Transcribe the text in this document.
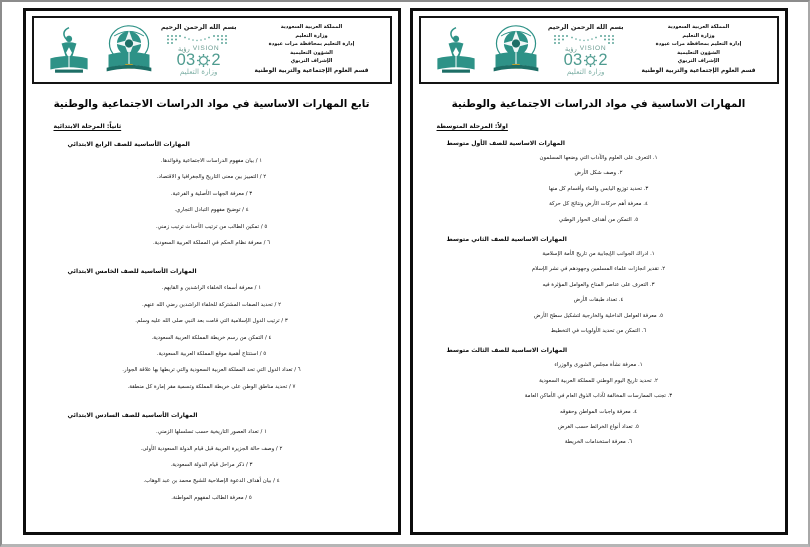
المملكة العربية السعودية
وزارة التعليم
إدارة التعليم بمحافظة مرات عيودة
الشؤون التعليمية
الإشراف التربوي
قسم العلوم الإجتماعية والتربية الوطنية
بسم الله الرحمن الرحيم
VISION
رؤية
2
3
0
وزارة التعليم
تابع المهارات الاساسية في مواد الدراسات الاجتماعية والوطنية
ثانياً: المرحلة الابتدائية
المهارات الأساسية للصف الرابع الابتدائي
١ / بيان مفهوم الدراسات الاجتماعية وفوائدها.
٢ / التمييز بين معنى التاريخ والجغرافيا و الاقتصاد.
٣ / معرفة الجهات الأصلية و الفرعية.
٤ / توضيح مفهوم التبادل التجاري.
٥ / تمكين الطالب من ترتيب الأحداث ترتيب زمني.
٦ / معرفة نظام الحكم في المملكة العربية السعودية.
المهارات الأساسية للصف الخامس الابتدائي
١ / معرفة أسماء الخلفاء الراشدين و القابهم.
٢ / تحديد الصفات المشتركة للخلفاء الراشدين رضي الله عنهم.
٣ / ترتيب الدول الإسلامية التي قامت بعد النبي صلى الله عليه وسلم.
٤ / التمكن من رسم خريطة المملكة العربية السعودية.
٥ / استنتاج أهمية موقع المملكة العربية السعودية.
٦ / تعداد الدول التي تحد المملكة العربية السعودية والتي تربطها بها علاقة الجوار.
٧ / تحديد مناطق الوطن على خريطة المملكة وتسمية مقر إمارة كل منطقة.
المهارات الأساسية للصف السادس الابتدائي
١ / تعداد العصور التاريخية حسب تسلسلها الزمني.
٢ / وصف حالة الجزيرة العربية قبل قيام الدولة السعودية الأولى.
٣ / ذكر مراحل قيام الدولة السعودية.
٤ / بيان أهداف الدعوة الإصلاحية للشيخ محمد بن عبد الوهاب.
٥ / معرفة الطالب لمفهوم المواطنة.
المملكة العربية السعودية
وزارة التعليم
إدارة التعليم بمحافظة مرات عيودة
الشؤون التعليمية
الإشراف التربوي
قسم العلوم الإجتماعية والتربية الوطنية
بسم الله الرحمن الرحيم
VISION
رؤية
2
3
0
وزارة التعليم
المهارات الاساسية في مواد الدراسات الاجتماعية والوطنية
اولاً: المرحلة المتوسطة
المهارات الاساسية للصف الأول متوسط
١. التعرف على العلوم والآداب التي وضعها المسلمون
٢. وصف شكل الأرض
٣. تحديد توزيع اليابس والماء وأقسام كل منها
٤. معرفة أهم حركات الأرض ونتائج كل حركة
٥. التمكن من أهداف الحوار الوطني
المهارات الاساسية للصف الثاني متوسط
١. ادراك الجوانب الإيجابية من تاريخ الأمة الإسلامية
٢. تقدير انجازات علماء المسلمين وجهودهم في نشر الإسلام
٣. التعرف على عناصر المناخ والعوامل المؤثرة فيه
٤. تعداد طبقات الأرض
٥. معرفة العوامل الداخلية والخارجية لتشكيل سطح الأرض
٦. التمكن من تحديد الأولويات في التخطيط
المهارات الاساسية للصف الثالث متوسط
١. معرفة نشأة مجلس الشورى والوزراء
٢. تحديد تاريخ اليوم الوطني للمملكة العربية السعودية
٣. تجنب الممارسات المخالفة لآداب الذوق العام في الأماكن العامة
٤. معرفة واجبات المواطن وحقوقه
٥. تعداد أنواع الخرائط حسب الغرض
٦. معرفة استخدامات الخريطة
